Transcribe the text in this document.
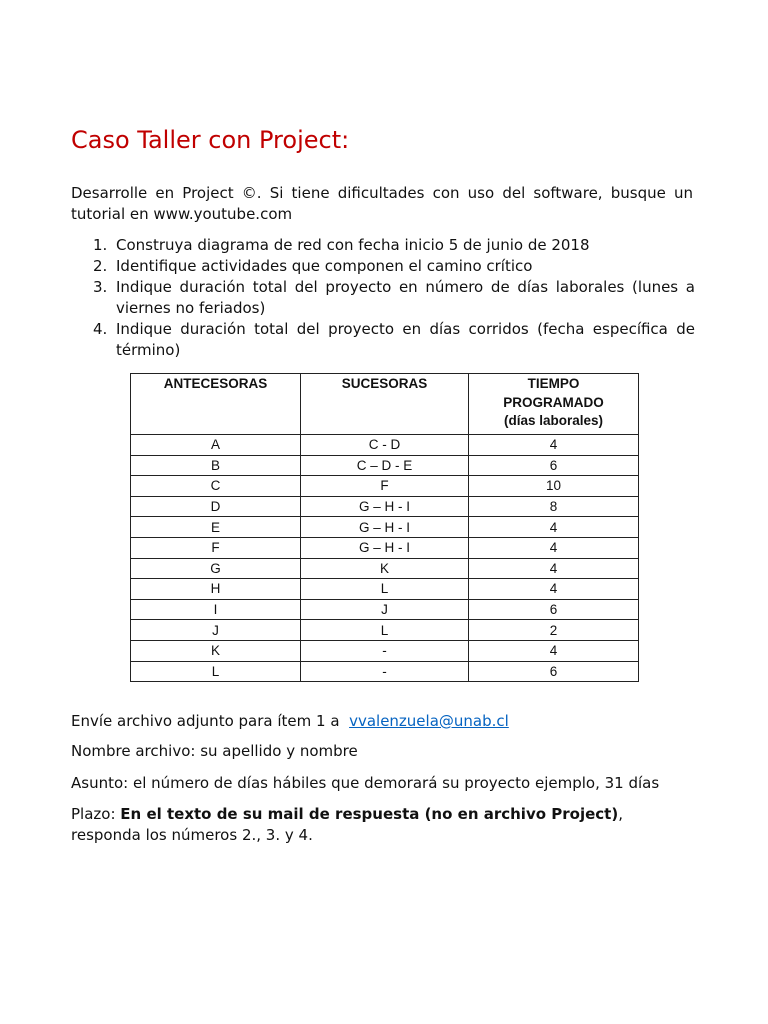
Caso Taller con Project:

Desarrolle en Project ©. Si tiene dificultades con uso del software, busque un tutorial en www.youtube.com

1. Construya diagrama de red con fecha inicio 5 de junio de 2018
2. Identifique actividades que componen el camino crítico
3. Indique duración total del proyecto en número de días laborales (lunes a viernes no feriados)
4. Indique duración total del proyecto en días corridos (fecha específica de término)
ANTECESORAS	SUCESORAS	TIEMPO PROGRAMADO (días laborales)
A	C - D	4
B	C – D - E	6
C	F	10
D	G – H - I	8
E	G – H - I	4
F	G – H - I	4
G	K	4
H	L	4
I	J	6
J	L	2
K	-	4
L	-	6

Envíe archivo adjunto para ítem 1 a vvalenzuela@unab.cl

Nombre archivo: su apellido y nombre

Asunto: el número de días hábiles que demorará su proyecto ejemplo, 31 días

Plazo: En el texto de su mail de respuesta (no en archivo Project), responda los números 2., 3. y 4.
